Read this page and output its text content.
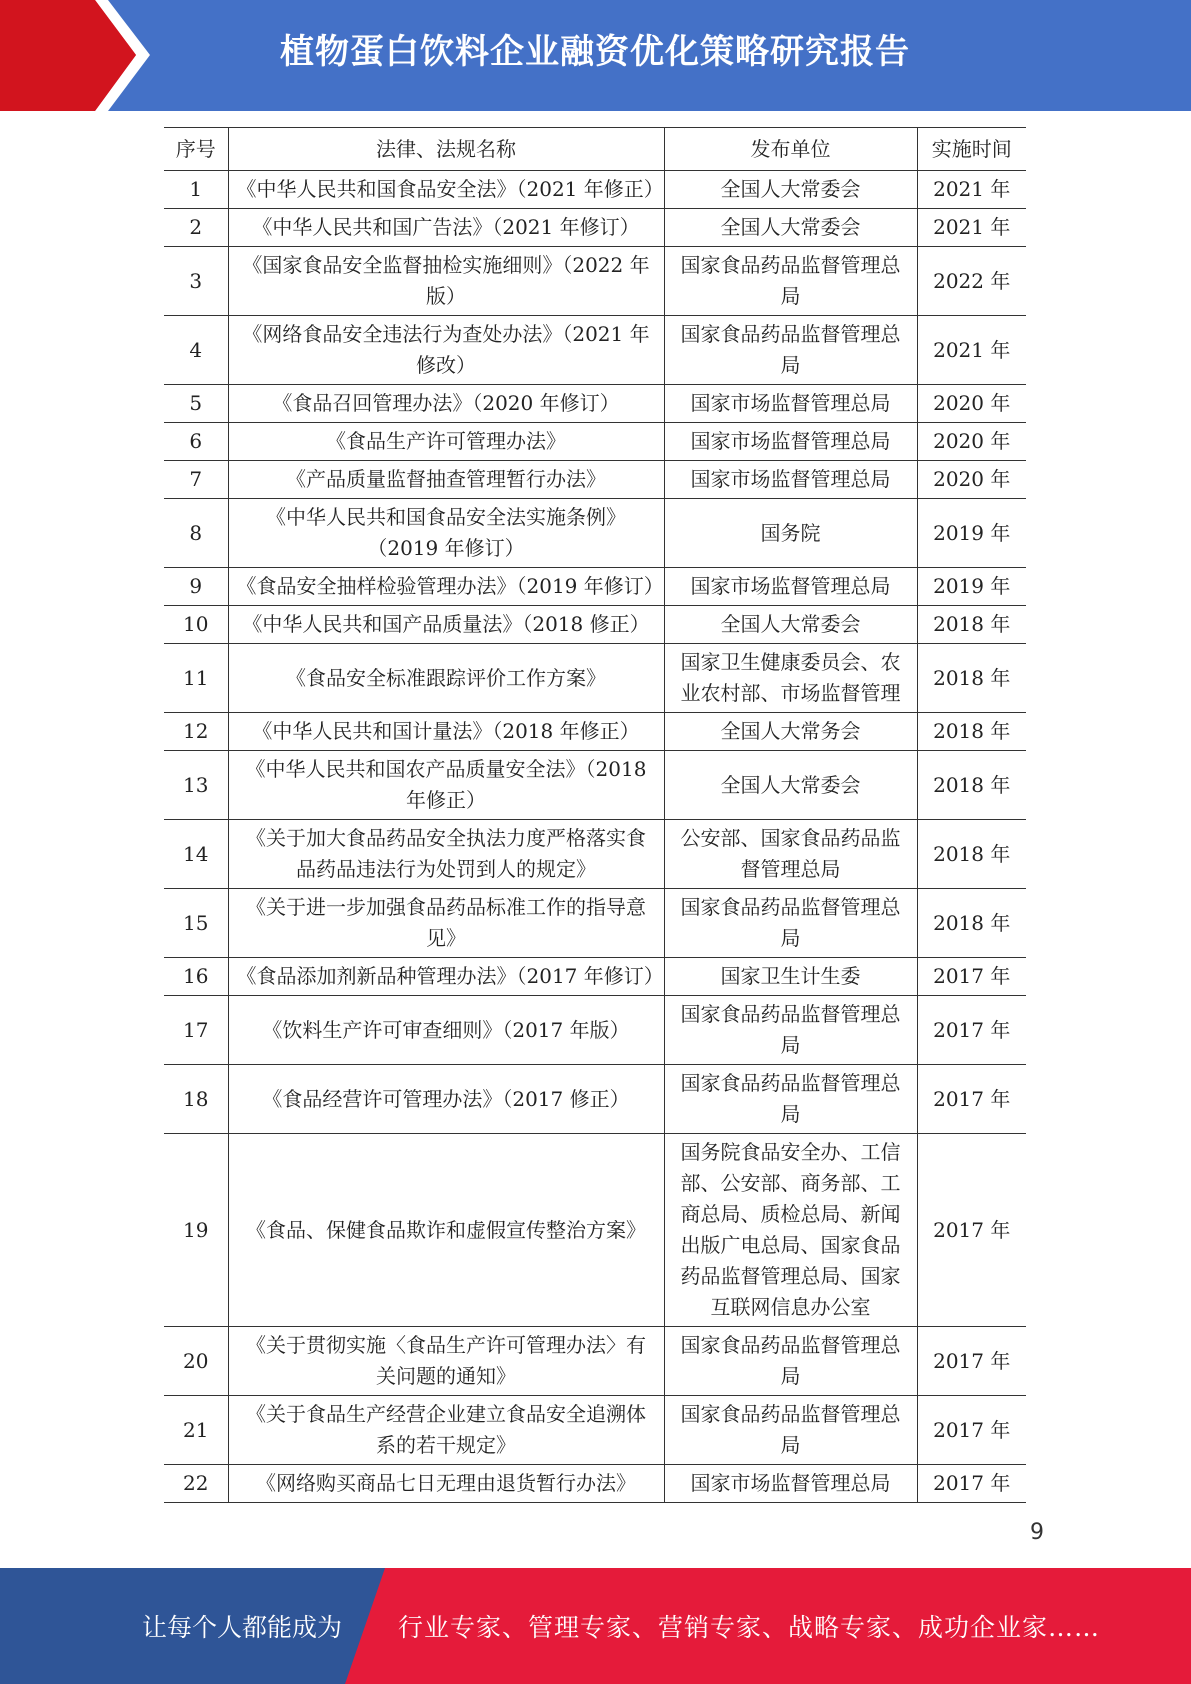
植物蛋白饮料企业融资优化策略研究报告
序号	法律、法规名称	发布单位	实施时间
1	《中华人民共和国食品安全法》（2021 年修正）	全国人大常委会	2021 年
2	《中华人民共和国广告法》（2021 年修订）	全国人大常委会	2021 年
3	《国家食品安全监督抽检实施细则》（2022 年版）	国家食品药品监督管理总局	2022 年
4	《网络食品安全违法行为查处办法》（2021 年修改）	国家食品药品监督管理总局	2021 年
5	《食品召回管理办法》（2020 年修订）	国家市场监督管理总局	2020 年
6	《食品生产许可管理办法》	国家市场监督管理总局	2020 年
7	《产品质量监督抽查管理暂行办法》	国家市场监督管理总局	2020 年
8	《中华人民共和国食品安全法实施条例》（2019 年修订）	国务院	2019 年
9	《食品安全抽样检验管理办法》（2019 年修订）	国家市场监督管理总局	2019 年
10	《中华人民共和国产品质量法》（2018 修正）	全国人大常委会	2018 年
11	《食品安全标准跟踪评价工作方案》	国家卫生健康委员会、农业农村部、市场监督管理	2018 年
12	《中华人民共和国计量法》（2018 年修正）	全国人大常务会	2018 年
13	《中华人民共和国农产品质量安全法》（2018 年修正）	全国人大常委会	2018 年
14	《关于加大食品药品安全执法力度严格落实食品药品违法行为处罚到人的规定》	公安部、国家食品药品监督管理总局	2018 年
15	《关于进一步加强食品药品标准工作的指导意见》	国家食品药品监督管理总局	2018 年
16	《食品添加剂新品种管理办法》（2017 年修订）	国家卫生计生委	2017 年
17	《饮料生产许可审查细则》（2017 年版）	国家食品药品监督管理总局	2017 年
18	《食品经营许可管理办法》（2017 修正）	国家食品药品监督管理总局	2017 年
19	《食品、保健食品欺诈和虚假宣传整治方案》	国务院食品安全办、工信部、公安部、商务部、工商总局、质检总局、新闻出版广电总局、国家食品药品监督管理总局、国家互联网信息办公室	2017 年
20	《关于贯彻实施〈食品生产许可管理办法〉有关问题的通知》	国家食品药品监督管理总局	2017 年
21	《关于食品生产经营企业建立食品安全追溯体系的若干规定》	国家食品药品监督管理总局	2017 年
22	《网络购买商品七日无理由退货暂行办法》	国家市场监督管理总局	2017 年
9
让每个人都能成为 行业专家、管理专家、营销专家、战略专家、成功企业家……
